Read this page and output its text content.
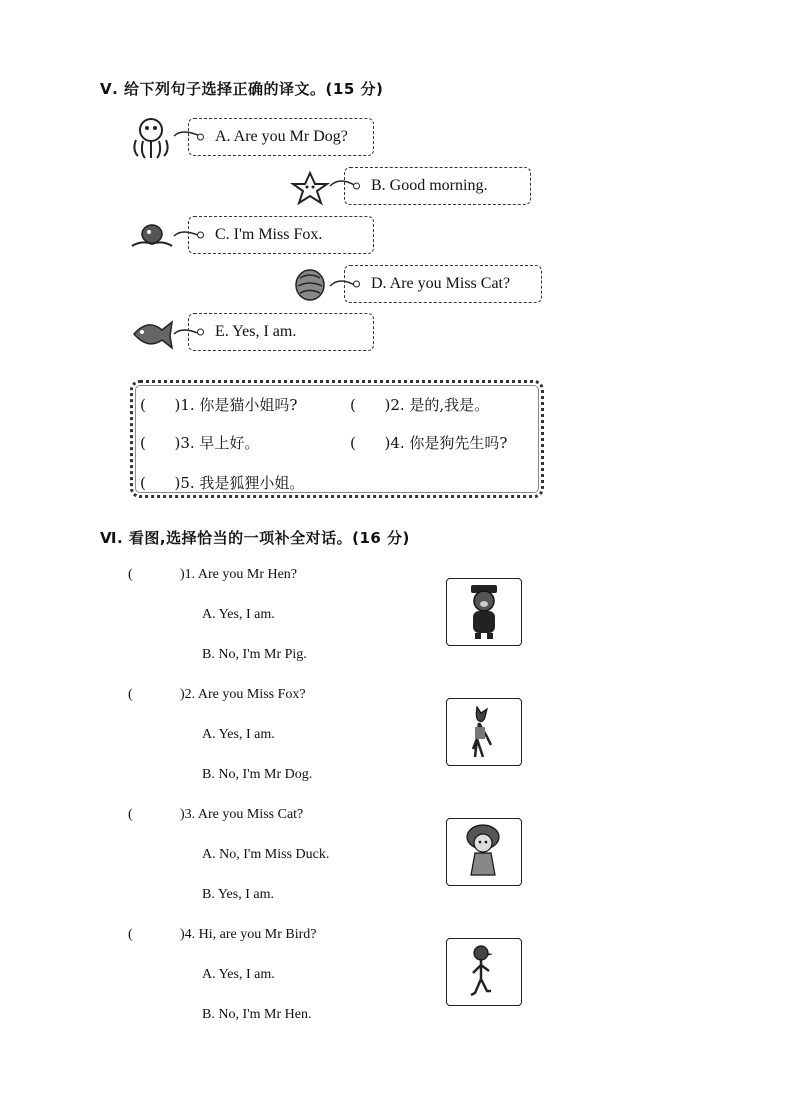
Ⅴ. 给下列句子选择正确的译文。(15 分)
A. Are you Mr Dog?
B. Good morning.
C. I'm Miss Fox.
D. Are you Miss Cat?
E. Yes, I am.
( )1. 你是猫小姐吗?	( )2. 是的,我是。
( )3. 早上好。	( )4. 你是狗先生吗?
( )5. 我是狐狸小姐。
Ⅵ. 看图,选择恰当的一项补全对话。(16 分)
(	)1. Are you Mr Hen?
A. Yes, I am.
B. No, I'm Mr Pig.
(	)2. Are you Miss Fox?
A. Yes, I am.
B. No, I'm Mr Dog.
(	)3. Are you Miss Cat?
A. No, I'm Miss Duck.
B. Yes, I am.
(	)4. Hi, are you Mr Bird?
A. Yes, I am.
B. No, I'm Mr Hen.
